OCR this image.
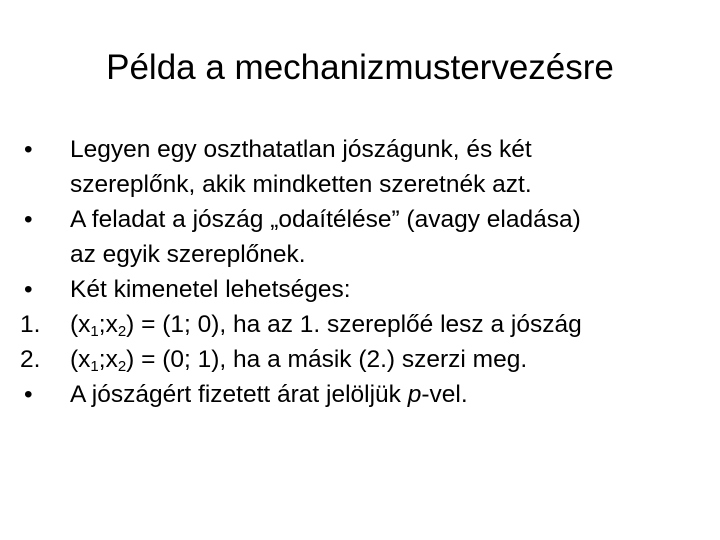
Példa a mechanizmustervezésre
•	Legyen egy oszthatatlan jószágunk, és két
szereplőnk, akik mindketten szeretnék azt.
•	A feladat a jószág „odaítélése” (avagy eladása)
az egyik szereplőnek.
•	Két kimenetel lehetséges:
1.	$(x_1;x_2) = (1$; 0), ha az 1. szereplőé lesz a jószág
2.	$(x_1;x_2) = (0$; 1), ha a másik (2.) szerzi meg.
•	A jószágért fizetett árat jelöljük p-vel.
